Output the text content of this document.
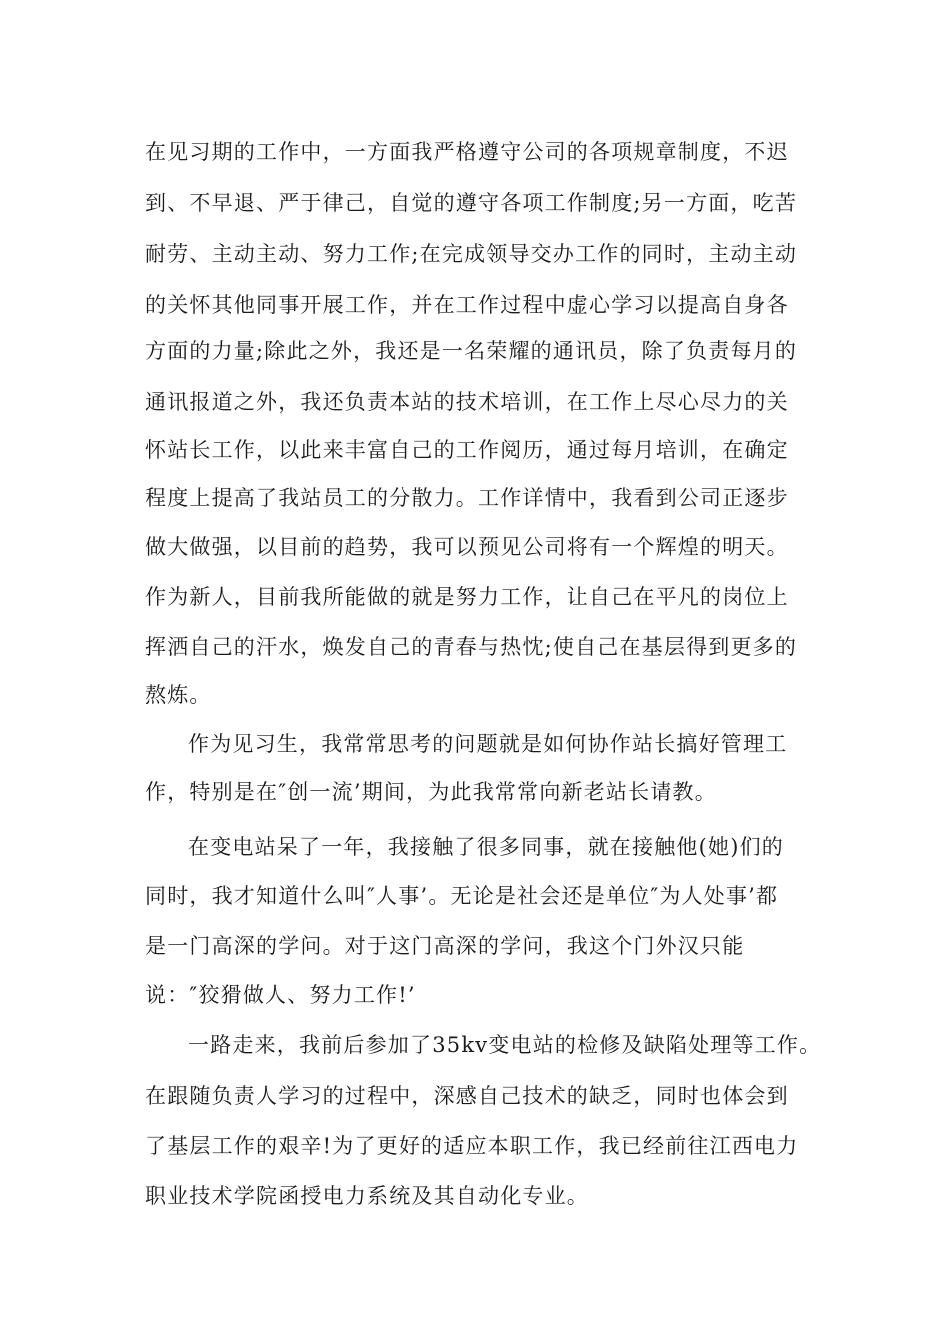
在见习期的工作中，一方面我严格遵守公司的各项规章制度，不迟
到、不早退、严于律己，自觉的遵守各项工作制度;另一方面，吃苦
耐劳、主动主动、努力工作;在完成领导交办工作的同时，主动主动
的关怀其他同事开展工作，并在工作过程中虚心学习以提高自身各
方面的力量;除此之外，我还是一名荣耀的通讯员，除了负责每月的
通讯报道之外，我还负责本站的技术培训，在工作上尽心尽力的关
怀站长工作，以此来丰富自己的工作阅历，通过每月培训，在确定
程度上提高了我站员工的分散力。工作详情中，我看到公司正逐步
做大做强，以目前的趋势，我可以预见公司将有一个辉煌的明天。
作为新人，目前我所能做的就是努力工作，让自己在平凡的岗位上
挥洒自己的汗水，焕发自己的青春与热忱;使自己在基层得到更多的
熬炼。
作为见习生，我常常思考的问题就是如何协作站长搞好管理工
作，特别是在″创一流’期间，为此我常常向新老站长请教。
在变电站呆了一年，我接触了很多同事，就在接触他(她)们的
同时，我才知道什么叫″人事’。无论是社会还是单位″为人处事’都
是一门高深的学问。对于这门高深的学问，我这个门外汉只能
说：″狡猾做人、努力工作!’
一路走来，我前后参加了35kv变电站的检修及缺陷处理等工作。
在跟随负责人学习的过程中，深感自己技术的缺乏，同时也体会到
了基层工作的艰辛!为了更好的适应本职工作，我已经前往江西电力
职业技术学院函授电力系统及其自动化专业。
